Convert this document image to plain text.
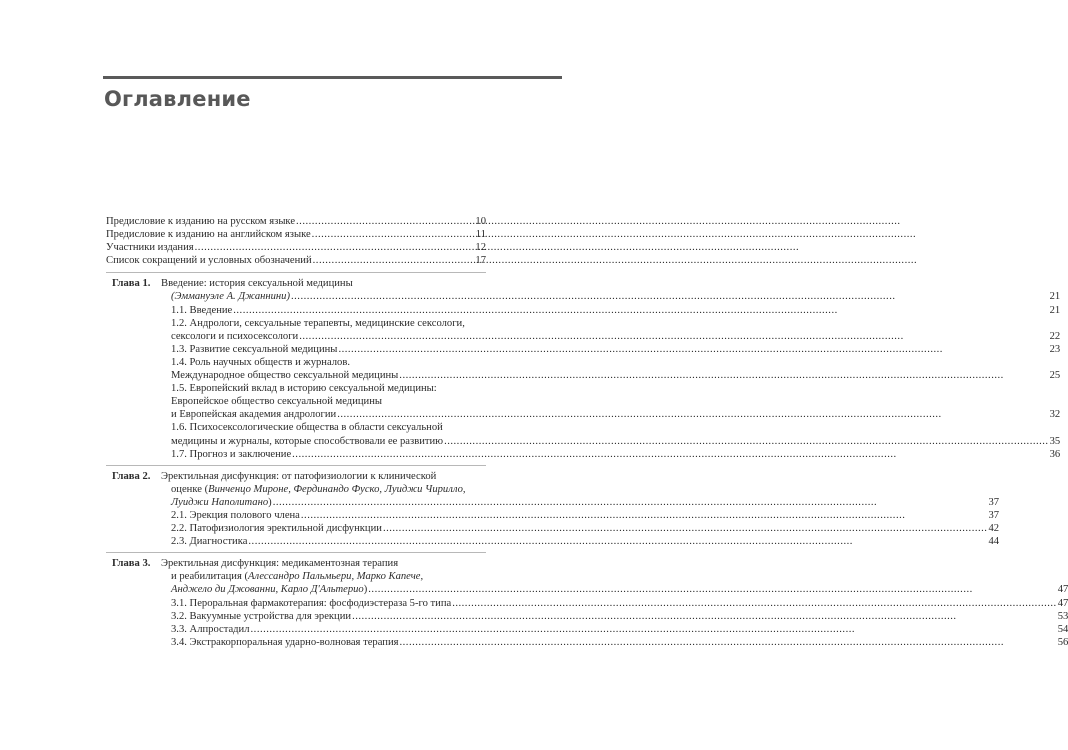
Оглавление
Предисловие к изданию на русском языке .....	10
Предисловие к изданию на английском языке .....	11
Участники издания .....	12
Список сокращений и условных обозначений .....	17
Глава 1. Введение: история сексуальной медицины
(Эммануэле А. Джаннини) .....	21
1.1. Введение .....	21
1.2. Андрологи, сексуальные терапевты, медицинские сексологи,
сексологи и психосексологи .....	22
1.3. Развитие сексуальной медицины .....	23
1.4. Роль научных обществ и журналов.
Международное общество сексуальной медицины .....	25
1.5. Европейский вклад в историю сексуальной медицины:
Европейское общество сексуальной медицины
и Европейская академия андрологии .....	32
1.6. Психосексологические общества в области сексуальной
медицины и журналы, которые способствовали ее развитию .....	35
1.7. Прогноз и заключение .....	36
Глава 2. Эректильная дисфункция: от патофизиологии к клинической
оценке ( Винченцо Мироне, Фердинандо Фуско, Луиджи Чирилло,
Луиджи Наполитано) .....	37
2.1. Эрекция полового члена .....	37
2.2. Патофизиология эректильной дисфункции .....	42
2.3. Диагностика .....	44
Глава 3. Эректильная дисфункция: медикаментозная терапия
и реабилитация ( Алессандро Пальмьери, Марко Капече,
Анджело ди Джованни, Карло Д'Альтерио) .....	47
3.1. Пероральная фармакотерапия: фосфодиэстераза 5-го типа .....	47
3.2. Вакуумные устройства для эрекции .....	53
3.3. Алпростадил .....	54
3.4. Экстракорпоральная ударно-волновая терапия .....	56
